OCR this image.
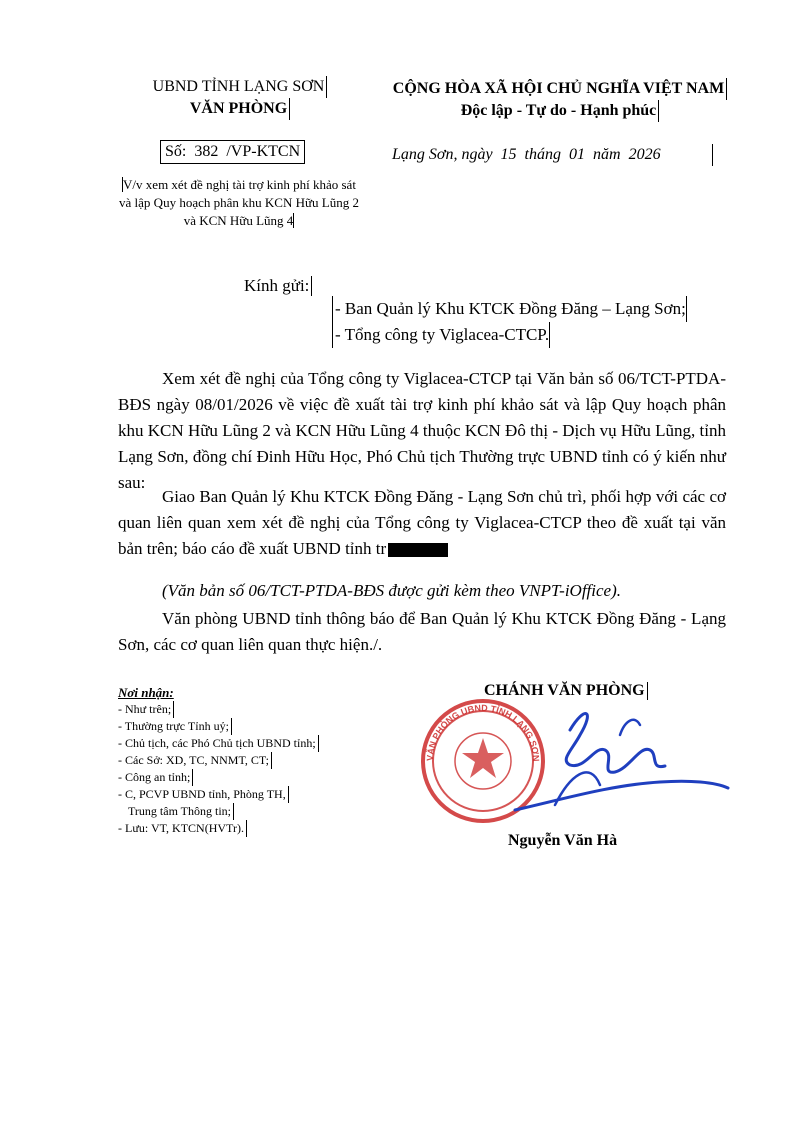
UBND TỈNH LẠNG SƠN
VĂN PHÒNG
CỘNG HÒA XÃ HỘI CHỦ NGHĨA VIỆT NAM
Độc lập - Tự do - Hạnh phúc
Số: 382 /VP-KTCN	Lạng Sơn, ngày 15 tháng 01 năm 2026
V/v xem xét đề nghị tài trợ kinh phí khảo sát và lập Quy hoạch phân khu KCN Hữu Lũng 2 và KCN Hữu Lũng 4
Kính gửi:
- Ban Quản lý Khu KTCK Đồng Đăng – Lạng Sơn;
- Tổng công ty Viglacea-CTCP.
Xem xét đề nghị của Tổng công ty Viglacea-CTCP tại Văn bản số 06/TCT-PTDA-BĐS ngày 08/01/2026 về việc đề xuất tài trợ kinh phí khảo sát và lập Quy hoạch phân khu KCN Hữu Lũng 2 và KCN Hữu Lũng 4 thuộc KCN Đô thị - Dịch vụ Hữu Lũng, tỉnh Lạng Sơn, đồng chí Đinh Hữu Học, Phó Chủ tịch Thường trực UBND tỉnh có ý kiến như sau:
Giao Ban Quản lý Khu KTCK Đồng Đăng - Lạng Sơn chủ trì, phối hợp với các cơ quan liên quan xem xét đề nghị của Tổng công ty Viglacea-CTCP theo đề xuất tại văn bản trên; báo cáo đề xuất UBND tỉnh tr
(Văn bản số 06/TCT-PTDA-BĐS được gửi kèm theo VNPT-iOffice).
Văn phòng UBND tỉnh thông báo để Ban Quản lý Khu KTCK Đồng Đăng - Lạng Sơn, các cơ quan liên quan thực hiện./.
Nơi nhận:
- Như trên;
- Thường trực Tỉnh uỷ;
- Chủ tịch, các Phó Chủ tịch UBND tỉnh;
- Các Sở: XD, TC, NNMT, CT;
- Công an tỉnh;
- C, PCVP UBND tỉnh, Phòng TH,
Trung tâm Thông tin;
- Lưu: VT, KTCN(HVTr).
CHÁNH VĂN PHÒNG
VĂN PHÒNG UBND TỈNH LẠNG SƠN
Nguyễn Văn Hà
